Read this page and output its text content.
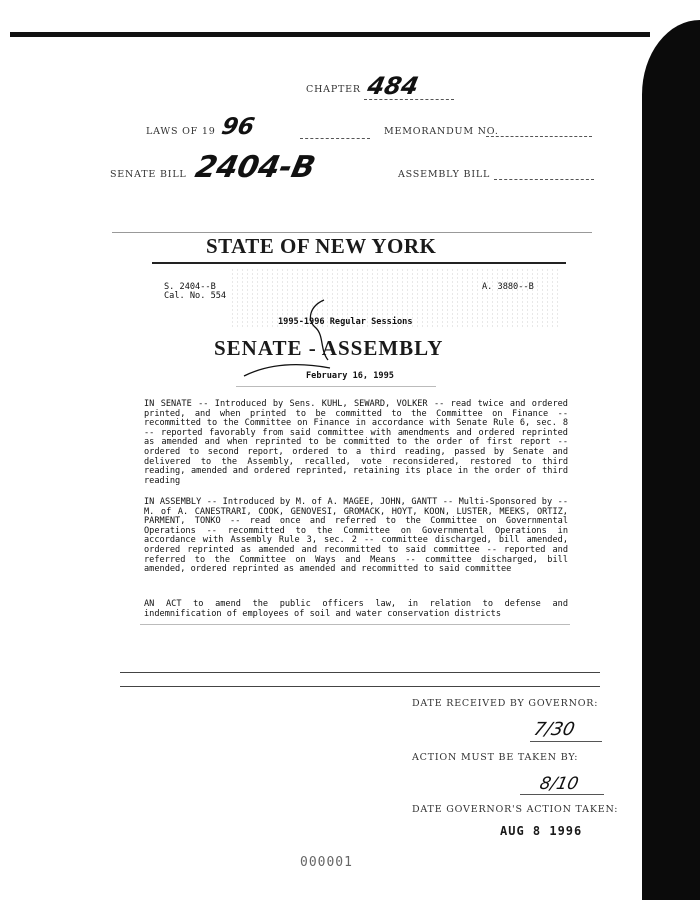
CHAPTER 484
LAWS OF 19 96	MEMORANDUM NO.
SENATE BILL 2404-B	ASSEMBLY BILL
STATE OF NEW YORK
S. 2404--B
Cal. No. 554
A. 3880--B
1995-1996 Regular Sessions
SENATE - ASSEMBLY
February 16, 1995
IN SENATE -- Introduced by Sens. KUHL, SEWARD, VOLKER -- read twice and ordered printed, and when printed to be committed to the Committee on Finance -- recommitted to the Committee on Finance in accordance with Senate Rule 6, sec. 8 -- reported favorably from said committee with amendments and ordered reprinted as amended and when reprinted to be committed to the order of first report -- ordered to second report, ordered to a third reading, passed by Senate and delivered to the Assembly, recalled, vote reconsidered, restored to third reading, amended and ordered reprinted, retaining its place in the order of third reading
IN ASSEMBLY -- Introduced by M. of A. MAGEE, JOHN, GANTT -- Multi-Sponsored by -- M. of A. CANESTRARI, COOK, GENOVESI, GROMACK, HOYT, KOON, LUSTER, MEEKS, ORTIZ, PARMENT, TONKO -- read once and referred to the Committee on Governmental Operations -- recommitted to the Committee on Governmental Operations in accordance with Assembly Rule 3, sec. 2 -- committee discharged, bill amended, ordered reprinted as amended and recommitted to said committee -- reported and referred to the Committee on Ways and Means -- committee discharged, bill amended, ordered reprinted as amended and recommitted to said committee
AN ACT to amend the public officers law, in relation to defense and indemnification of employees of soil and water conservation districts
DATE RECEIVED BY GOVERNOR:
7/30
ACTION MUST BE TAKEN BY:
8/10
DATE GOVERNOR'S ACTION TAKEN:
AUG 8 1996
000001
